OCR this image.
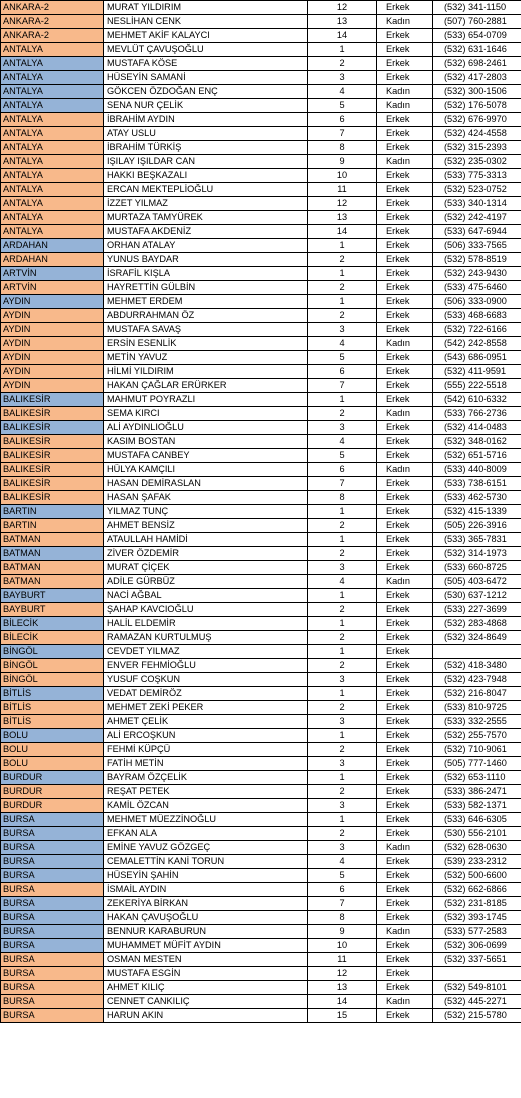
ANKARA-2	MURAT YILDIRIM	12	Erkek	(532) 341-1150
ANKARA-2	NESLİHAN CENK	13	Kadın	(507) 760-2881
ANKARA-2	MEHMET AKİF KALAYCI	14	Erkek	(533) 654-0709
ANTALYA	MEVLÜT ÇAVUŞOĞLU	1	Erkek	(532) 631-1646
ANTALYA	MUSTAFA KÖSE	2	Erkek	(532) 698-2461
ANTALYA	HÜSEYİN SAMANİ	3	Erkek	(532) 417-2803
ANTALYA	GÖKCEN ÖZDOĞAN ENÇ	4	Kadın	(532) 300-1506
ANTALYA	SENA NUR ÇELİK	5	Kadın	(532) 176-5078
ANTALYA	İBRAHİM AYDIN	6	Erkek	(532) 676-9970
ANTALYA	ATAY USLU	7	Erkek	(532) 424-4558
ANTALYA	İBRAHİM TÜRKİŞ	8	Erkek	(532) 315-2393
ANTALYA	IŞILAY IŞILDAR CAN	9	Kadın	(532) 235-0302
ANTALYA	HAKKI BEŞKAZALI	10	Erkek	(533) 775-3313
ANTALYA	ERCAN MEKTEPLİOĞLU	11	Erkek	(532) 523-0752
ANTALYA	İZZET YILMAZ	12	Erkek	(533) 340-1314
ANTALYA	MURTAZA TAMYÜREK	13	Erkek	(532) 242-4197
ANTALYA	MUSTAFA AKDENİZ	14	Erkek	(533) 647-6944
ARDAHAN	ORHAN ATALAY	1	Erkek	(506) 333-7565
ARDAHAN	YUNUS BAYDAR	2	Erkek	(532) 578-8519
ARTVİN	İSRAFİL KIŞLA	1	Erkek	(532) 243-9430
ARTVİN	HAYRETTİN GÜLBİN	2	Erkek	(533) 475-6460
AYDIN	MEHMET ERDEM	1	Erkek	(506) 333-0900
AYDIN	ABDURRAHMAN ÖZ	2	Erkek	(533) 468-6683
AYDIN	MUSTAFA SAVAŞ	3	Erkek	(532) 722-6166
AYDIN	ERSİN ESENLİK	4	Kadın	(542) 242-8558
AYDIN	METİN YAVUZ	5	Erkek	(543) 686-0951
AYDIN	HİLMİ YILDIRIM	6	Erkek	(532) 411-9591
AYDIN	HAKAN ÇAĞLAR ERÜRKER	7	Erkek	(555) 222-5518
BALIKESİR	MAHMUT POYRAZLI	1	Erkek	(542) 610-6332
BALIKESİR	SEMA KIRCI	2	Kadın	(533) 766-2736
BALIKESİR	ALİ AYDINLIOĞLU	3	Erkek	(532) 414-0483
BALIKESİR	KASIM BOSTAN	4	Erkek	(532) 348-0162
BALIKESİR	MUSTAFA CANBEY	5	Erkek	(532) 651-5716
BALIKESİR	HÜLYA KAMÇILI	6	Kadın	(533) 440-8009
BALIKESİR	HASAN DEMİRASLAN	7	Erkek	(533) 738-6151
BALIKESİR	HASAN ŞAFAK	8	Erkek	(533) 462-5730
BARTIN	YILMAZ TUNÇ	1	Erkek	(532) 415-1339
BARTIN	AHMET BENSİZ	2	Erkek	(505) 226-3916
BATMAN	ATAULLAH HAMİDİ	1	Erkek	(533) 365-7831
BATMAN	ZİVER ÖZDEMİR	2	Erkek	(532) 314-1973
BATMAN	MURAT ÇİÇEK	3	Erkek	(533) 660-8725
BATMAN	ADİLE GÜRBÜZ	4	Kadın	(505) 403-6472
BAYBURT	NACİ AĞBAL	1	Erkek	(530) 637-1212
BAYBURT	ŞAHAP KAVCIOĞLU	2	Erkek	(533) 227-3699
BİLECİK	HALİL ELDEMİR	1	Erkek	(532) 283-4868
BİLECİK	RAMAZAN KURTULMUŞ	2	Erkek	(532) 324-8649
BİNGÖL	CEVDET YILMAZ	1	Erkek	
BİNGÖL	ENVER FEHMİOĞLU	2	Erkek	(532) 418-3480
BİNGÖL	YUSUF COŞKUN	3	Erkek	(532) 423-7948
BİTLİS	VEDAT DEMİRÖZ	1	Erkek	(532) 216-8047
BİTLİS	MEHMET ZEKİ PEKER	2	Erkek	(533) 810-9725
BİTLİS	AHMET ÇELİK	3	Erkek	(533) 332-2555
BOLU	ALİ ERCOŞKUN	1	Erkek	(532) 255-7570
BOLU	FEHMİ KÜPÇÜ	2	Erkek	(532) 710-9061
BOLU	FATİH METİN	3	Erkek	(505) 777-1460
BURDUR	BAYRAM ÖZÇELİK	1	Erkek	(532) 653-1110
BURDUR	REŞAT PETEK	2	Erkek	(533) 386-2471
BURDUR	KAMİL ÖZCAN	3	Erkek	(533) 582-1371
BURSA	MEHMET MÜEZZİNOĞLU	1	Erkek	(533) 646-6305
BURSA	EFKAN ALA	2	Erkek	(530) 556-2101
BURSA	EMİNE YAVUZ GÖZGEÇ	3	Kadın	(532) 628-0630
BURSA	CEMALETTİN KANİ TORUN	4	Erkek	(539) 233-2312
BURSA	HÜSEYİN ŞAHİN	5	Erkek	(532) 500-6600
BURSA	İSMAİL AYDIN	6	Erkek	(532) 662-6866
BURSA	ZEKERİYA BİRKAN	7	Erkek	(532) 231-8185
BURSA	HAKAN ÇAVUŞOĞLU	8	Erkek	(532) 393-1745
BURSA	BENNUR KARABURUN	9	Kadın	(533) 577-2583
BURSA	MUHAMMET MÜFİT AYDIN	10	Erkek	(532) 306-0699
BURSA	OSMAN MESTEN	11	Erkek	(532) 337-5651
BURSA	MUSTAFA ESGİN	12	Erkek	
BURSA	AHMET KILIÇ	13	Erkek	(532) 549-8101
BURSA	CENNET CANKILIÇ	14	Kadın	(532) 445-2271
BURSA	HARUN AKIN	15	Erkek	(532) 215-5780
